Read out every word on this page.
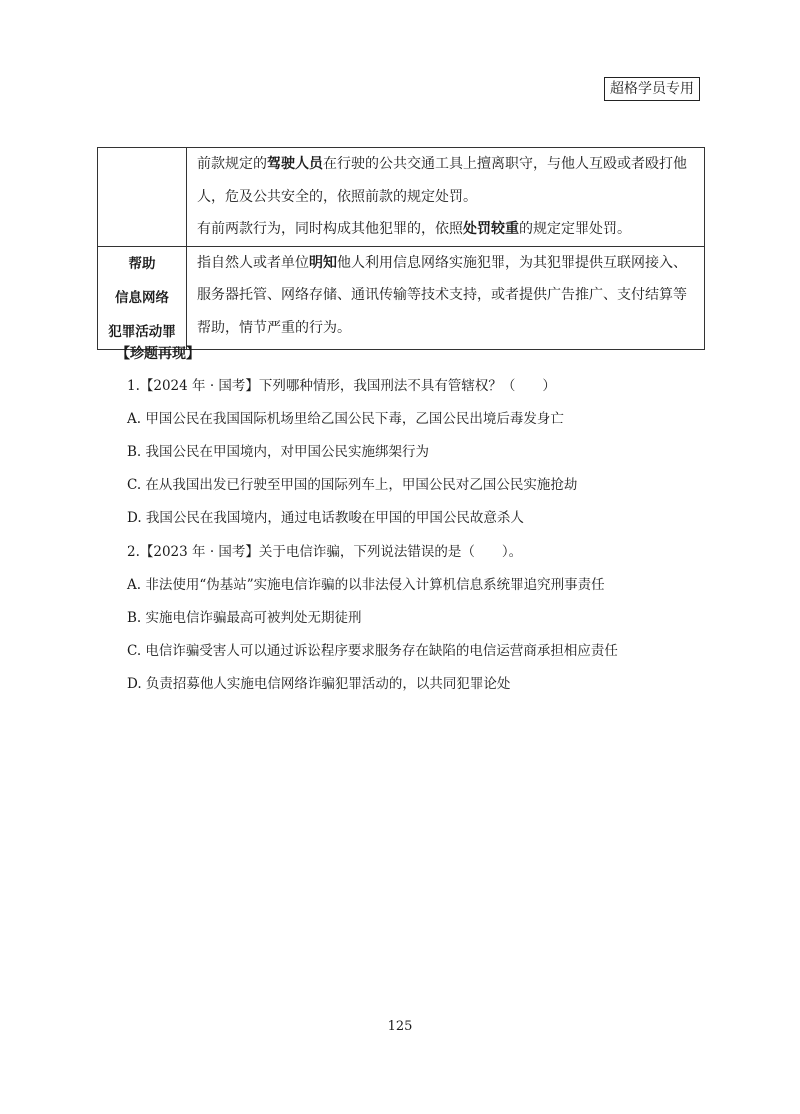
超格学员专用

	前款规定的驾驶人员在行驶的公共交通工具上擅离职守，与他人互殴或者殴打他人，危及公共安全的，依照前款的规定处罚。

有前两款行为，同时构成其他犯罪的，依照处罚较重的规定定罪处罚。

帮助
信息网络
犯罪活动罪	指自然人或者单位明知他人利用信息网络实施犯罪，为其犯罪提供互联网接入、服务器托管、网络存储、通讯传输等技术支持，或者提供广告推广、支付结算等帮助，情节严重的行为。

【珍题再现】
1.【2024 年 · 国考】下列哪种情形，我国刑法不具有管辖权？（　　）
A. 甲国公民在我国国际机场里给乙国公民下毒，乙国公民出境后毒发身亡
B. 我国公民在甲国境内，对甲国公民实施绑架行为
C. 在从我国出发已行驶至甲国的国际列车上，甲国公民对乙国公民实施抢劫
D. 我国公民在我国境内，通过电话教唆在甲国的甲国公民故意杀人
2.【2023 年 · 国考】关于电信诈骗，下列说法错误的是（　　）。
A. 非法使用“伪基站”实施电信诈骗的以非法侵入计算机信息系统罪追究刑事责任
B. 实施电信诈骗最高可被判处无期徒刑
C. 电信诈骗受害人可以通过诉讼程序要求服务存在缺陷的电信运营商承担相应责任
D. 负责招募他人实施电信网络诈骗犯罪活动的，以共同犯罪论处
125
